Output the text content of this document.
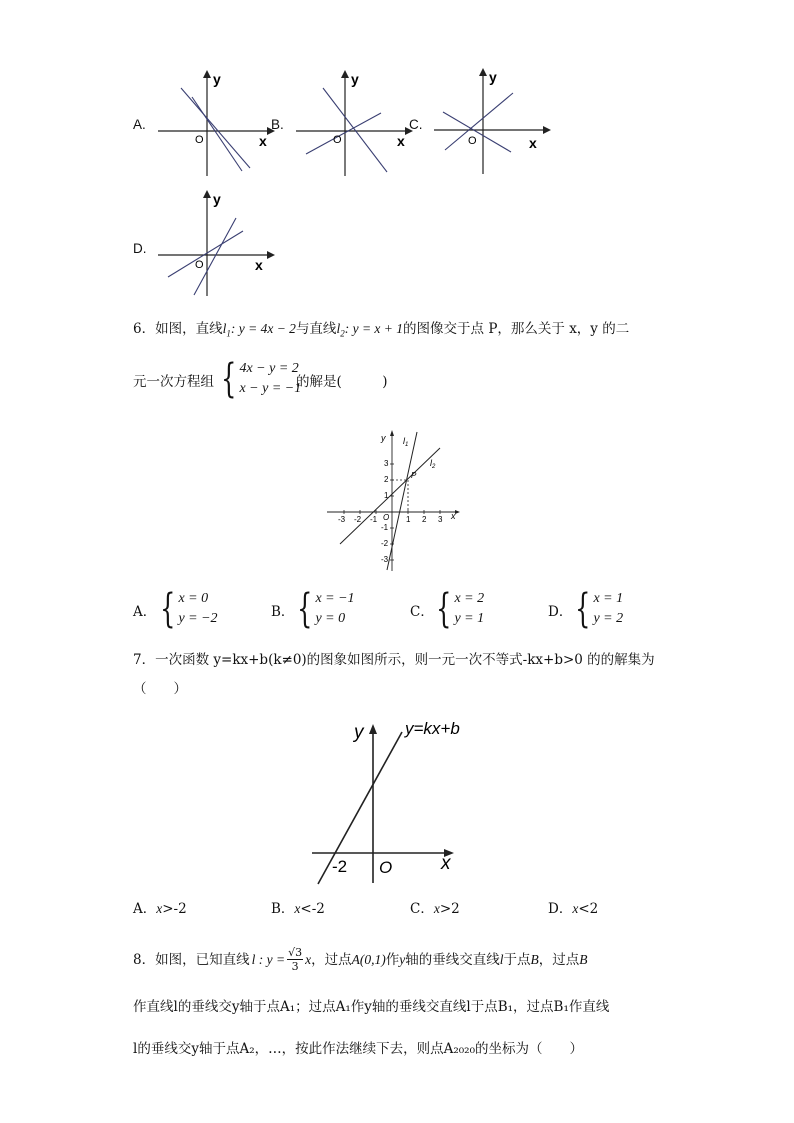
A.
y
x
O
B.
y
x
O
C.
y
x
O
D.
y
x
O
6．如图，直线$l_1$: y = 4x − 2与直线$l_2$: y = x + 1的图像交于点 P，那么关于 x，y 的二
元一次方程组 { 4x − y = 2
x − y = −1
的解是(　　　)
y
x
O
P
$l_1$
$l_2$
-3 -2 -1	1 2 3
3
2
1
-1
-2
-3
A． { x = 0
y = −2	B． { x = −1
y = 0	C． { x = 2
y = 1	D． { x = 1
y = 2
7．一次函数 y=kx+b(k≠0)的图象如图所示，则一元一次不等式-kx+b>0 的的解集为
（　　）
y
x
O
y=kx+b
-2
A．x>-2	B．x<-2	C．x>2	D．x<2
8．如图，已知直线 l : $y = \frac{√3}{3}$ x ，过点 A(0,1) 作 y 轴的垂线交直线 l 于点 B ，过点 B
作直线l的垂线交y轴于点A₁；过点A₁作y轴的垂线交直线l于点B₁，过点B₁作直线
l的垂线交y轴于点A₂，…，按此作法继续下去，则点A₂₀₂₀的坐标为（　　）
